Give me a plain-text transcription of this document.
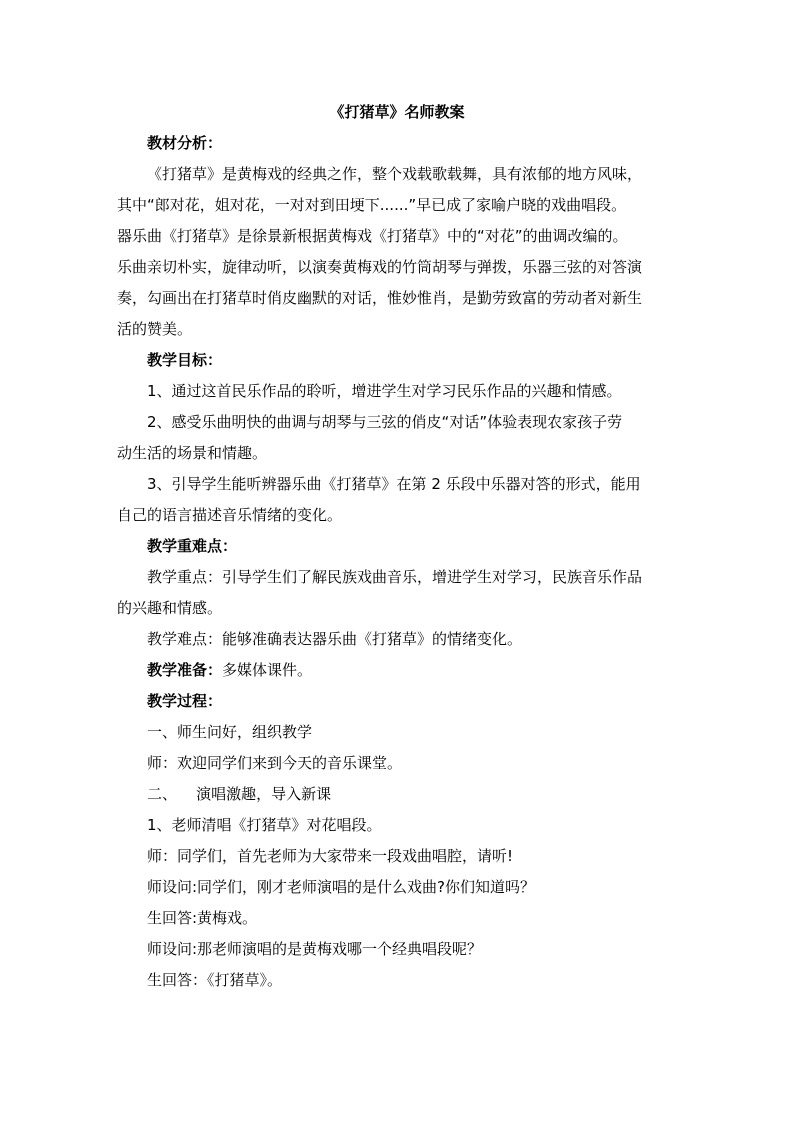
《打猪草》名师教案
教材分析：
《打猪草》是黄梅戏的经典之作，整个戏载歌载舞，具有浓郁的地方风味，
其中“郎对花，姐对花，一对对到田埂下......”早已成了家喻户晓的戏曲唱段。
器乐曲《打猪草》是徐景新根据黄梅戏《打猪草》中的“对花”的曲调改编的。
乐曲亲切朴实，旋律动听，以演奏黄梅戏的竹筒胡琴与弹拨，乐器三弦的对答演
奏，勾画出在打猪草时俏皮幽默的对话，惟妙惟肖，是勤劳致富的劳动者对新生
活的赞美。
教学目标：
1、通过这首民乐作品的聆听，增进学生对学习民乐作品的兴趣和情感。
2、感受乐曲明快的曲调与胡琴与三弦的俏皮“对话”体验表现农家孩子劳
动生活的场景和情趣。
3、引导学生能听辨器乐曲《打猪草》在第 2 乐段中乐器对答的形式，能用
自己的语言描述音乐情绪的变化。
教学重难点：
教学重点：引导学生们了解民族戏曲音乐，增进学生对学习，民族音乐作品
的兴趣和情感。
教学难点：能够准确表达器乐曲《打猪草》的情绪变化。
教学准备：多媒体课件。
教学过程：
一、师生问好，组织教学
师：欢迎同学们来到今天的音乐课堂。
二、    演唱激趣，导入新课
1、老师清唱《打猪草》对花唱段。
师：同学们，首先老师为大家带来一段戏曲唱腔，请听!
师设问:同学们，刚才老师演唱的是什么戏曲?你们知道吗？
生回答:黄梅戏。
师设问:那老师演唱的是黄梅戏哪一个经典唱段呢？
生回答：《打猪草》。
